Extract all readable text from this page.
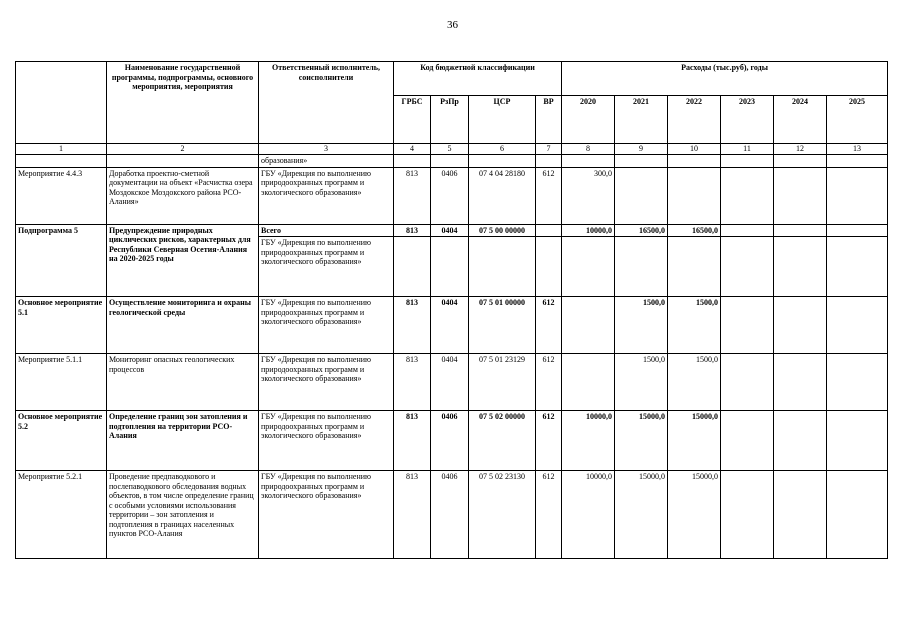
36
	Наименование государственной программы, подпрограммы, основного мероприятия, мероприятия	Ответственный исполнитель, соисполнители	Код бюджетной классификации				Расходы (тыс.руб), годы					
			ГРБС	РзПр	ЦСР	ВР	2020	2021	2022	2023	2024	2025
1	2	3	4	5	6	7	8	9	10	11	12	13
		образования»										
Мероприятие 4.4.3	Доработка проектно-сметной документации на объект «Расчистка озера Моздокское Моздокского района РСО-Алания»	ГБУ «Дирекция по выполнению природоохранных программ и экологического образования»	813	0406	07 4 04 28180	612	300,0					
Подпрограмма 5	Предупреждение природных циклических рисков, характерных для Республики Северная Осетия-Алания на 2020-2025 годы	Всего	813	0404	07 5 00 00000		10000,0	16500,0	16500,0			
		ГБУ «Дирекция по выполнению природоохранных программ и экологического образования»										
Основное мероприятие 5.1	Осуществление мониторинга и охраны геологической среды	ГБУ «Дирекция по выполнению природоохранных программ и экологического образования»	813	0404	07 5 01 00000	612		1500,0	1500,0			
Мероприятие 5.1.1	Мониторинг опасных геологических процессов	ГБУ «Дирекция по выполнению природоохранных программ и экологического образования»	813	0404	07 5 01 23129	612		1500,0	1500,0			
Основное мероприятие 5.2	Определение границ зон затопления и подтопления на территории РСО-Алания	ГБУ «Дирекция по выполнению природоохранных программ и экологического образования»	813	0406	07 5 02 00000	612	10000,0	15000,0	15000,0			
Мероприятие 5.2.1	Проведение предпаводкового и послепаводкового обследования водных объектов, в том числе определение границ с особыми условиями использования территории – зон затопления и подтопления в границах населенных пунктов РСО-Алания	ГБУ «Дирекция по выполнению природоохранных программ и экологического образования»	813	0406	07 5 02 23130	612	10000,0	15000,0	15000,0			
